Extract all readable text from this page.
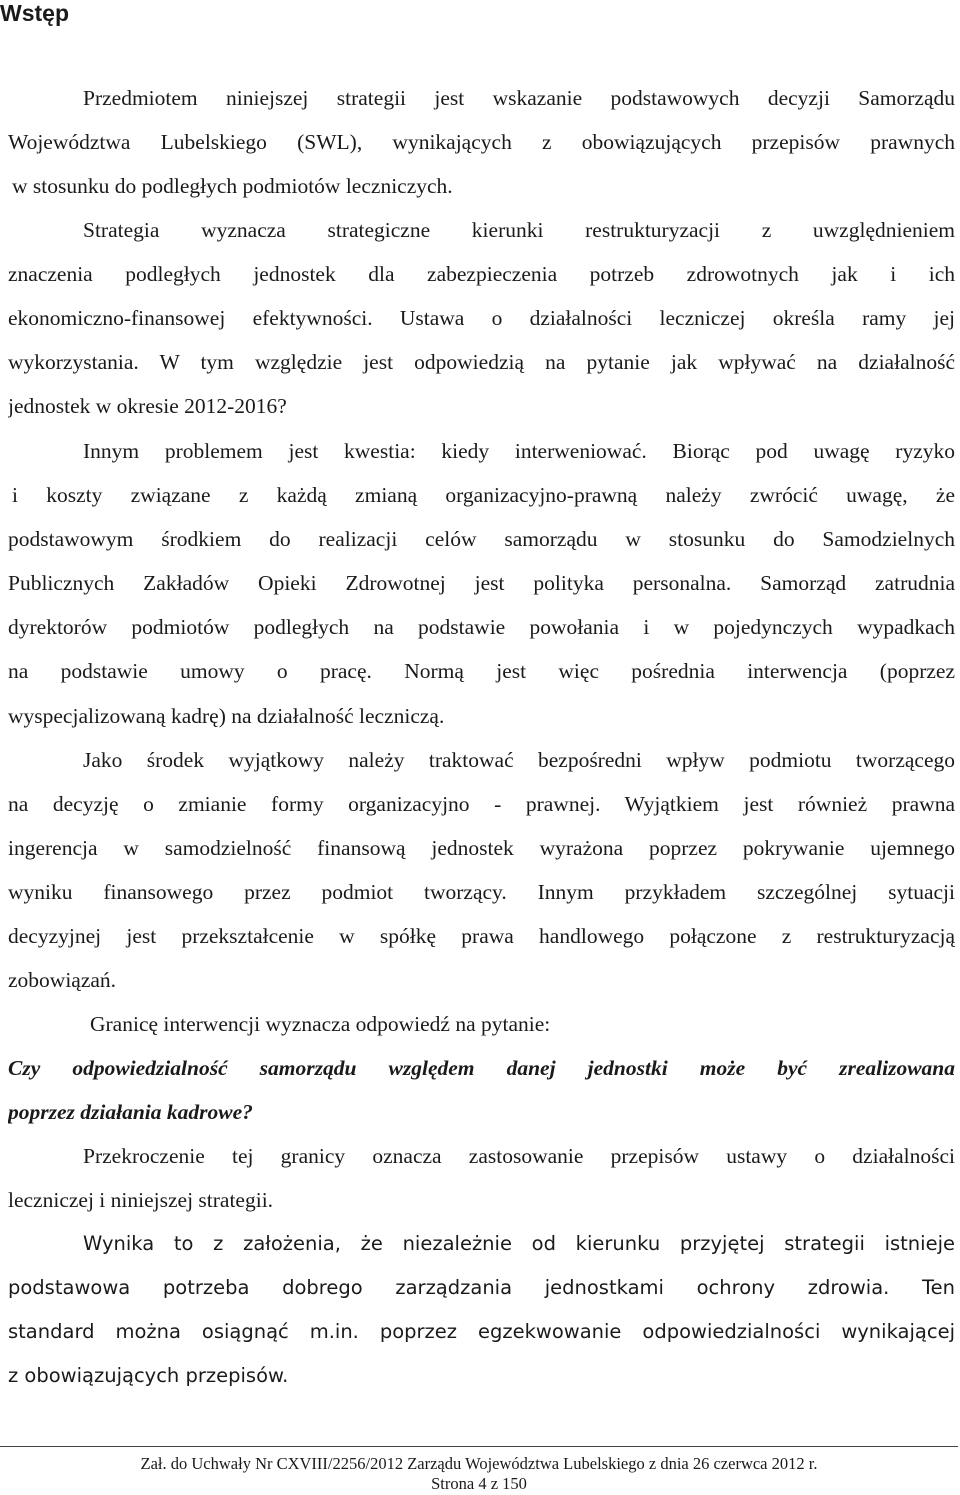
Wstęp
Przedmiotem niniejszej strategii jest wskazanie podstawowych decyzji Samorządu
Województwa Lubelskiego (SWL), wynikających z obowiązujących przepisów prawnych
w stosunku do podległych podmiotów leczniczych.
Strategia wyznacza strategiczne kierunki restrukturyzacji z uwzględnieniem
znaczenia podległych jednostek dla zabezpieczenia potrzeb zdrowotnych jak i ich
ekonomiczno-finansowej efektywności. Ustawa o działalności leczniczej określa ramy jej
wykorzystania. W tym względzie jest odpowiedzią na pytanie jak wpływać na działalność
jednostek w okresie 2012-2016?
Innym problemem jest kwestia: kiedy interweniować. Biorąc pod uwagę ryzyko
i koszty związane z każdą zmianą organizacyjno-prawną należy zwrócić uwagę, że
podstawowym środkiem do realizacji celów samorządu w stosunku do Samodzielnych
Publicznych Zakładów Opieki Zdrowotnej jest polityka personalna. Samorząd zatrudnia
dyrektorów podmiotów podległych na podstawie powołania i w pojedynczych wypadkach
na podstawie umowy o pracę. Normą jest więc pośrednia interwencja (poprzez
wyspecjalizowaną kadrę) na działalność leczniczą.
Jako środek wyjątkowy należy traktować bezpośredni wpływ podmiotu tworzącego
na decyzję o zmianie formy organizacyjno - prawnej. Wyjątkiem jest również prawna
ingerencja w samodzielność finansową jednostek wyrażona poprzez pokrywanie ujemnego
wyniku finansowego przez podmiot tworzący. Innym przykładem szczególnej sytuacji
decyzyjnej jest przekształcenie w spółkę prawa handlowego połączone z restrukturyzacją
zobowiązań.
Granicę interwencji wyznacza odpowiedź na pytanie:
Czy odpowiedzialność samorządu względem danej jednostki może być zrealizowana
poprzez działania kadrowe?
Przekroczenie tej granicy oznacza zastosowanie przepisów ustawy o działalności
leczniczej i niniejszej strategii.
Wynika to z założenia, że niezależnie od kierunku przyjętej strategii istnieje
podstawowa potrzeba dobrego zarządzania jednostkami ochrony zdrowia. Ten
standard można osiągnąć m.in. poprzez egzekwowanie odpowiedzialności wynikającej
z obowiązujących przepisów.
Zał. do Uchwały Nr CXVIII/2256/2012 Zarządu Województwa Lubelskiego z dnia 26 czerwca 2012 r.
Strona 4 z 150
